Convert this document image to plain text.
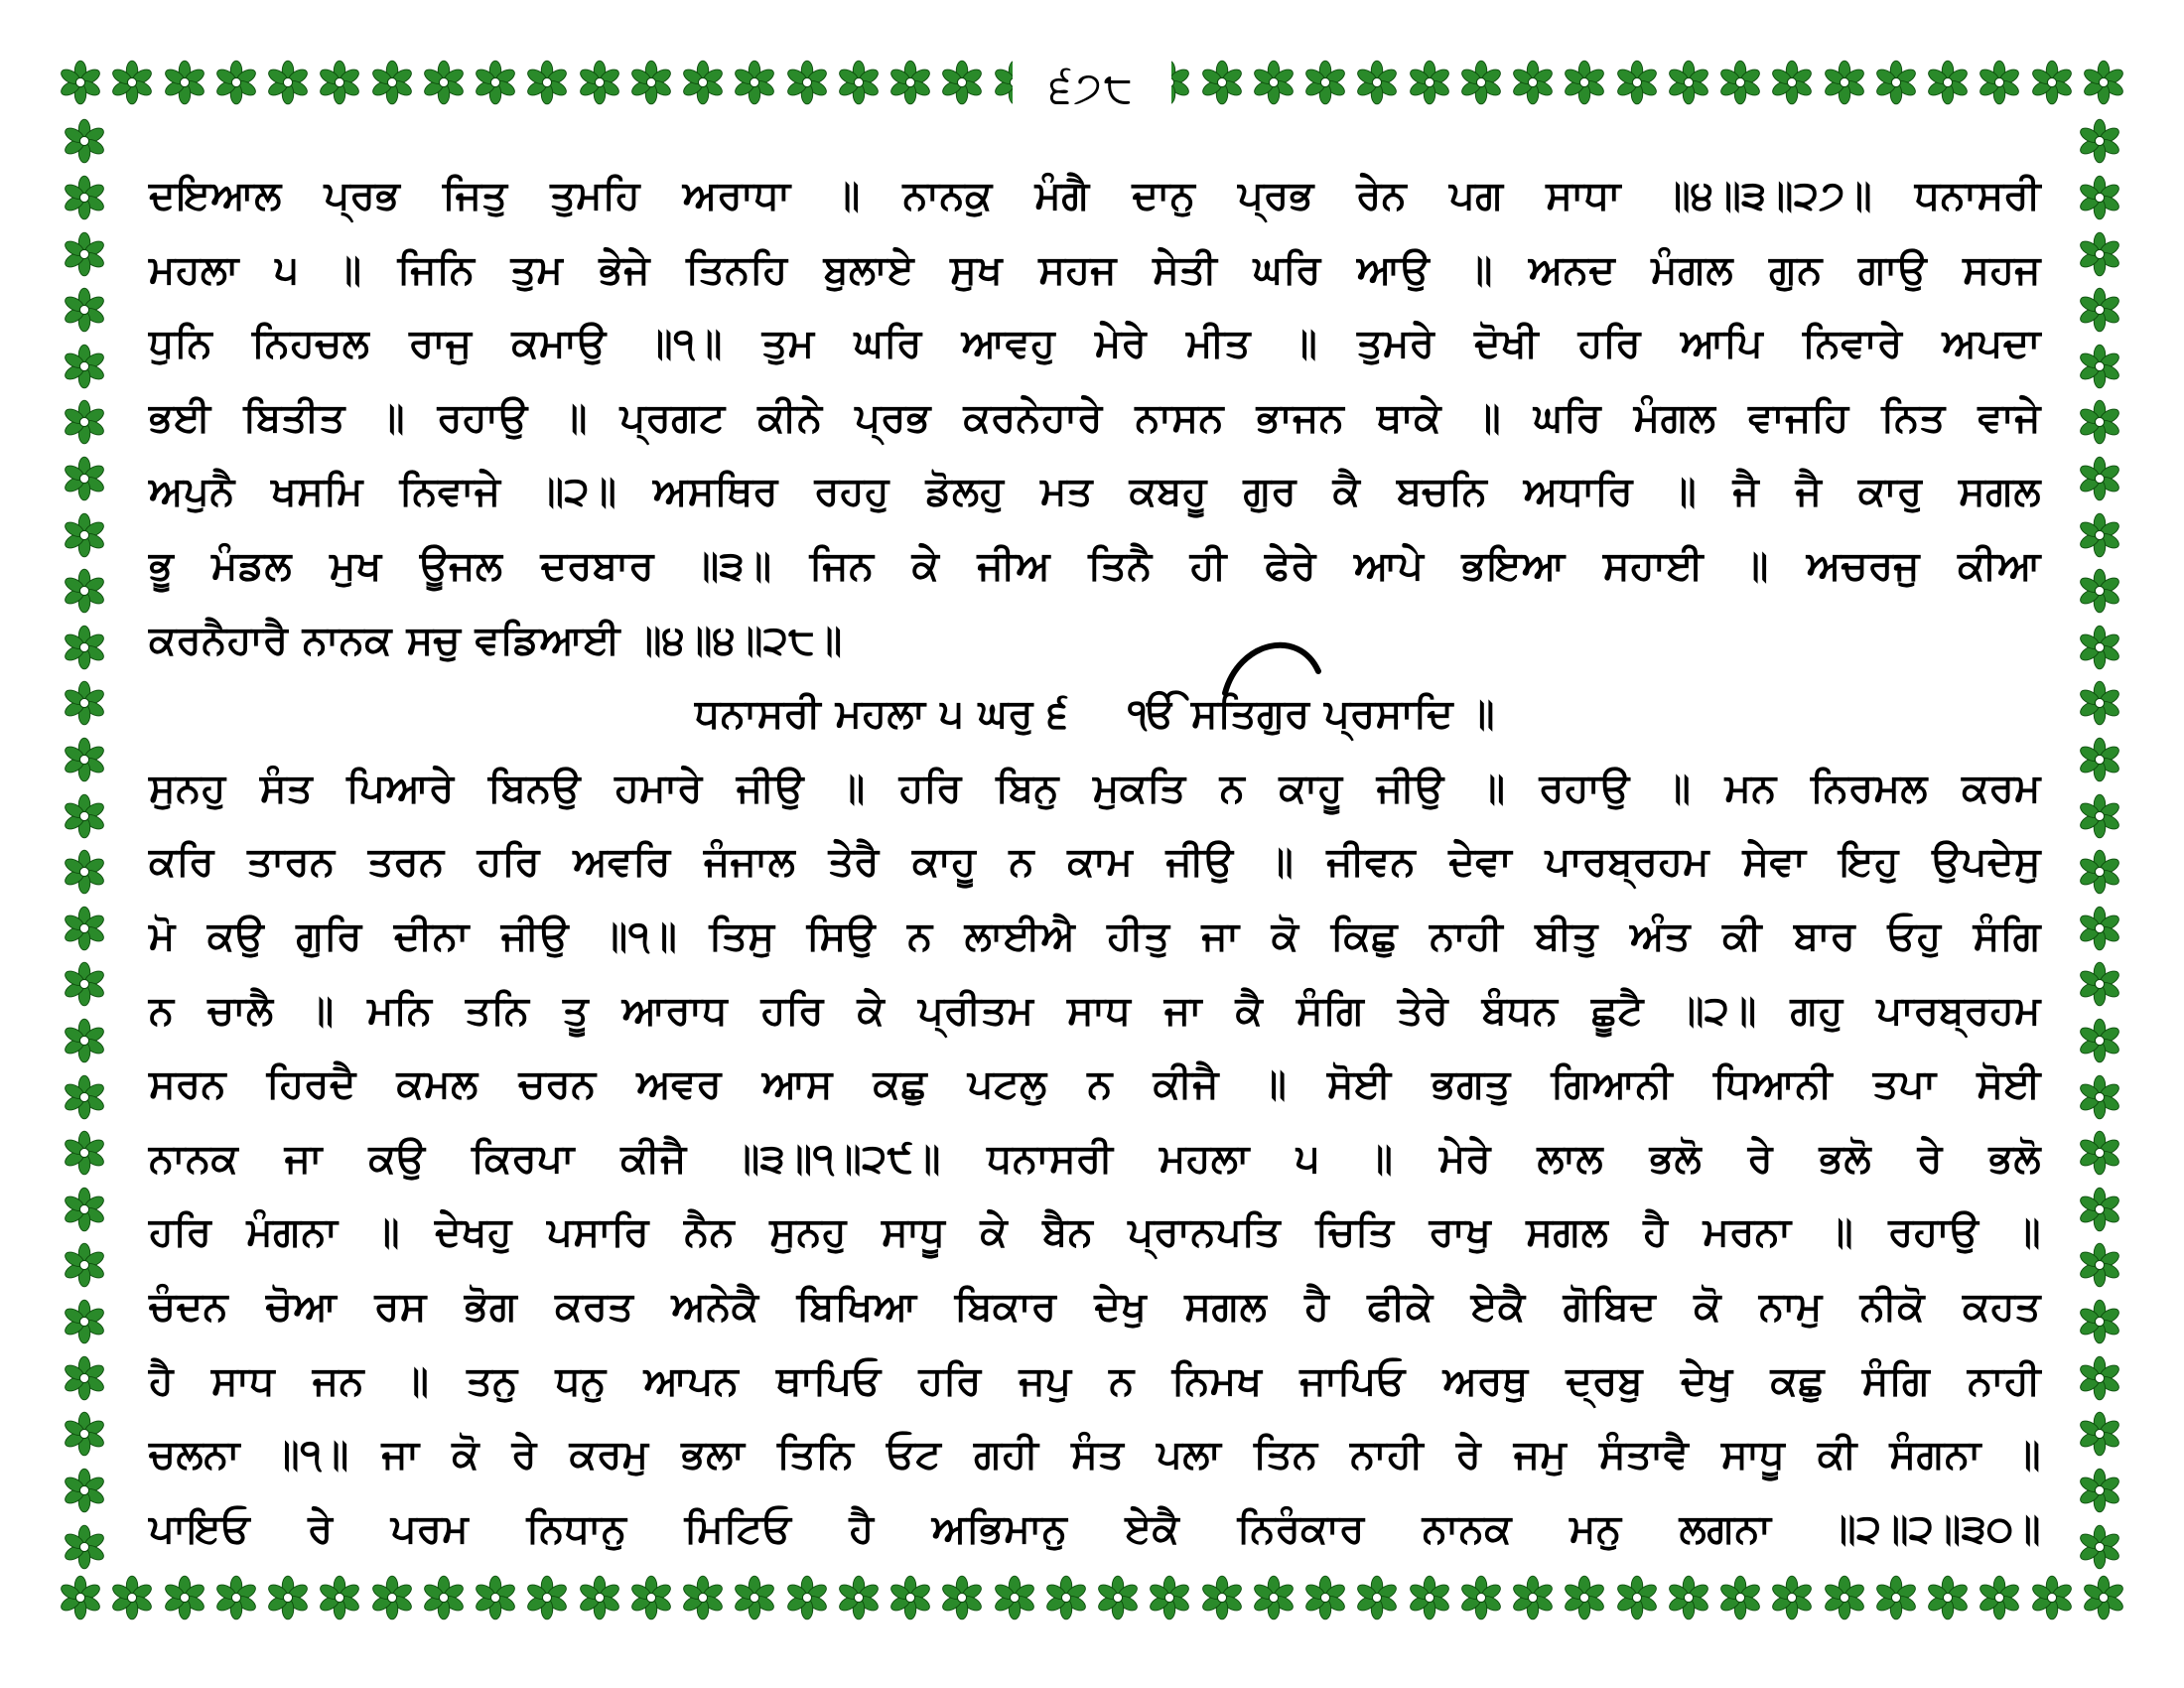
੬੭੮
ਦਇਆਲ ਪ੍ਰਭ ਜਿਤੁ ਤੁਮਹਿ ਅਰਾਧਾ ॥ ਨਾਨਕੁ ਮੰਗੈ ਦਾਨੁ ਪ੍ਰਭ ਰੇਨ ਪਗ ਸਾਧਾ ॥੪॥੩॥੨੭॥ ਧਨਾਸਰੀ
ਮਹਲਾ ੫ ॥ ਜਿਨਿ ਤੁਮ ਭੇਜੇ ਤਿਨਹਿ ਬੁਲਾਏ ਸੁਖ ਸਹਜ ਸੇਤੀ ਘਰਿ ਆਉ ॥ ਅਨਦ ਮੰਗਲ ਗੁਨ ਗਾਉ ਸਹਜ
ਧੁਨਿ ਨਿਹਚਲ ਰਾਜੁ ਕਮਾਉ ॥੧॥ ਤੁਮ ਘਰਿ ਆਵਹੁ ਮੇਰੇ ਮੀਤ ॥ ਤੁਮਰੇ ਦੋਖੀ ਹਰਿ ਆਪਿ ਨਿਵਾਰੇ ਅਪਦਾ
ਭਈ ਬਿਤੀਤ ॥ ਰਹਾਉ ॥ ਪ੍ਰਗਟ ਕੀਨੇ ਪ੍ਰਭ ਕਰਨੇਹਾਰੇ ਨਾਸਨ ਭਾਜਨ ਥਾਕੇ ॥ ਘਰਿ ਮੰਗਲ ਵਾਜਹਿ ਨਿਤ ਵਾਜੇ
ਅਪੁਨੈ ਖਸਮਿ ਨਿਵਾਜੇ ॥੨॥ ਅਸਥਿਰ ਰਹਹੁ ਡੋਲਹੁ ਮਤ ਕਬਹੂ ਗੁਰ ਕੈ ਬਚਨਿ ਅਧਾਰਿ ॥ ਜੈ ਜੈ ਕਾਰੁ ਸਗਲ
ਭੂ ਮੰਡਲ ਮੁਖ ਊਜਲ ਦਰਬਾਰ ॥੩॥ ਜਿਨ ਕੇ ਜੀਅ ਤਿਨੈ ਹੀ ਫੇਰੇ ਆਪੇ ਭਇਆ ਸਹਾਈ ॥ ਅਚਰਜੁ ਕੀਆ
ਕਰਨੈਹਾਰੈ ਨਾਨਕ ਸਚੁ ਵਡਿਆਈ ॥੪॥੪॥੨੮॥
ਧਨਾਸਰੀ ਮਹਲਾ ੫ ਘਰੁ ੬ ੴ ਸਤਿਗੁਰ ਪ੍ਰਸਾਦਿ ॥
ਸੁਨਹੁ ਸੰਤ ਪਿਆਰੇ ਬਿਨਉ ਹਮਾਰੇ ਜੀਉ ॥ ਹਰਿ ਬਿਨੁ ਮੁਕਤਿ ਨ ਕਾਹੂ ਜੀਉ ॥ ਰਹਾਉ ॥ ਮਨ ਨਿਰਮਲ ਕਰਮ
ਕਰਿ ਤਾਰਨ ਤਰਨ ਹਰਿ ਅਵਰਿ ਜੰਜਾਲ ਤੇਰੈ ਕਾਹੂ ਨ ਕਾਮ ਜੀਉ ॥ ਜੀਵਨ ਦੇਵਾ ਪਾਰਬ੍ਰਹਮ ਸੇਵਾ ਇਹੁ ਉਪਦੇਸੁ
ਮੋ ਕਉ ਗੁਰਿ ਦੀਨਾ ਜੀਉ ॥੧॥ ਤਿਸੁ ਸਿਉ ਨ ਲਾਈਐ ਹੀਤੁ ਜਾ ਕੋ ਕਿਛੁ ਨਾਹੀ ਬੀਤੁ ਅੰਤ ਕੀ ਬਾਰ ਓਹੁ ਸੰਗਿ
ਨ ਚਾਲੈ ॥ ਮਨਿ ਤਨਿ ਤੂ ਆਰਾਧ ਹਰਿ ਕੇ ਪ੍ਰੀਤਮ ਸਾਧ ਜਾ ਕੈ ਸੰਗਿ ਤੇਰੇ ਬੰਧਨ ਛੂਟੈ ॥੨॥ ਗਹੁ ਪਾਰਬ੍ਰਹਮ
ਸਰਨ ਹਿਰਦੈ ਕਮਲ ਚਰਨ ਅਵਰ ਆਸ ਕਛੁ ਪਟਲੁ ਨ ਕੀਜੈ ॥ ਸੋਈ ਭਗਤੁ ਗਿਆਨੀ ਧਿਆਨੀ ਤਪਾ ਸੋਈ
ਨਾਨਕ ਜਾ ਕਉ ਕਿਰਪਾ ਕੀਜੈ ॥੩॥੧॥੨੯॥ ਧਨਾਸਰੀ ਮਹਲਾ ੫ ॥ ਮੇਰੇ ਲਾਲ ਭਲੋ ਰੇ ਭਲੋ ਰੇ ਭਲੋ
ਹਰਿ ਮੰਗਨਾ ॥ ਦੇਖਹੁ ਪਸਾਰਿ ਨੈਨ ਸੁਨਹੁ ਸਾਧੂ ਕੇ ਬੈਨ ਪ੍ਰਾਨਪਤਿ ਚਿਤਿ ਰਾਖੁ ਸਗਲ ਹੈ ਮਰਨਾ ॥ ਰਹਾਉ ॥
ਚੰਦਨ ਚੋਆ ਰਸ ਭੋਗ ਕਰਤ ਅਨੇਕੈ ਬਿਖਿਆ ਬਿਕਾਰ ਦੇਖੁ ਸਗਲ ਹੈ ਫੀਕੇ ਏਕੈ ਗੋਬਿਦ ਕੋ ਨਾਮੁ ਨੀਕੋ ਕਹਤ
ਹੈ ਸਾਧ ਜਨ ॥ ਤਨੁ ਧਨੁ ਆਪਨ ਥਾਪਿਓ ਹਰਿ ਜਪੁ ਨ ਨਿਮਖ ਜਾਪਿਓ ਅਰਥੁ ਦ੍ਰਬੁ ਦੇਖੁ ਕਛੁ ਸੰਗਿ ਨਾਹੀ
ਚਲਨਾ ॥੧॥ ਜਾ ਕੋ ਰੇ ਕਰਮੁ ਭਲਾ ਤਿਨਿ ਓਟ ਗਹੀ ਸੰਤ ਪਲਾ ਤਿਨ ਨਾਹੀ ਰੇ ਜਮੁ ਸੰਤਾਵੈ ਸਾਧੂ ਕੀ ਸੰਗਨਾ ॥
ਪਾਇਓ ਰੇ ਪਰਮ ਨਿਧਾਨੁ ਮਿਟਿਓ ਹੈ ਅਭਿਮਾਨੁ ਏਕੈ ਨਿਰੰਕਾਰ ਨਾਨਕ ਮਨੁ ਲਗਨਾ ॥੨॥੨॥੩੦॥
